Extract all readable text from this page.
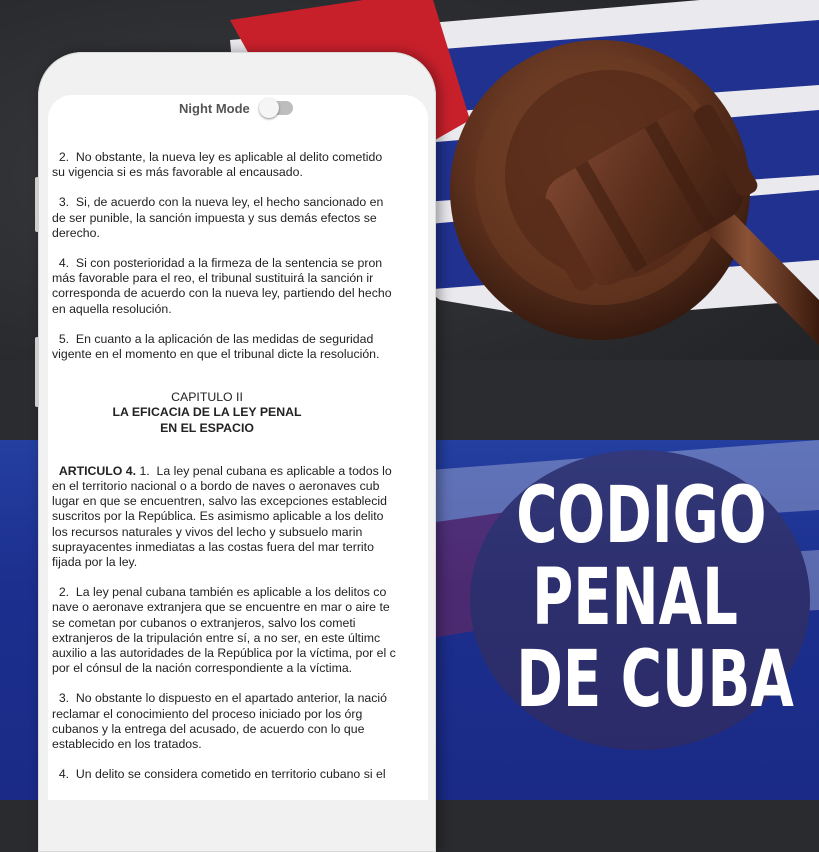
CODIGO
PENAL
DE CUBA
Night Mode
2.  No obstante, la nueva ley es aplicable al delito cometido
su vigencia si es más favorable al encausado.
3.  Si, de acuerdo con la nueva ley, el hecho sancionado en
de ser punible, la sanción impuesta y sus demás efectos se
derecho.
4.  Si con posterioridad a la firmeza de la sentencia se pron
más favorable para el reo, el tribunal sustituirá la sanción ir
corresponda de acuerdo con la nueva ley, partiendo del hecho
en aquella resolución.
5.  En cuanto a la aplicación de las medidas de seguridad
vigente en el momento en que el tribunal dicte la resolución.
CAPITULO II
LA EFICACIA DE LA LEY PENAL
EN EL ESPACIO
ARTICULO 4. 1.  La ley penal cubana es aplicable a todos lo
en el territorio nacional o a bordo de naves o aeronaves cub
lugar en que se encuentren, salvo las excepciones establecid
suscritos por la República. Es asimismo aplicable a los delito
los recursos naturales y vivos del lecho y subsuelo marin
suprayacentes inmediatas a las costas fuera del mar territo
fijada por la ley.
2.  La ley penal cubana también es aplicable a los delitos co
nave o aeronave extranjera que se encuentre en mar o aire te
se cometan por cubanos o extranjeros, salvo los cometi
extranjeros de la tripulación entre sí, a no ser, en este últimc
auxilio a las autoridades de la República por la víctima, por el c
por el cónsul de la nación correspondiente a la víctima.
3.  No obstante lo dispuesto en el apartado anterior, la nació
reclamar el conocimiento del proceso iniciado por los órg
cubanos y la entrega del acusado, de acuerdo con lo que
establecido en los tratados.
4.  Un delito se considera cometido en territorio cubano si el
